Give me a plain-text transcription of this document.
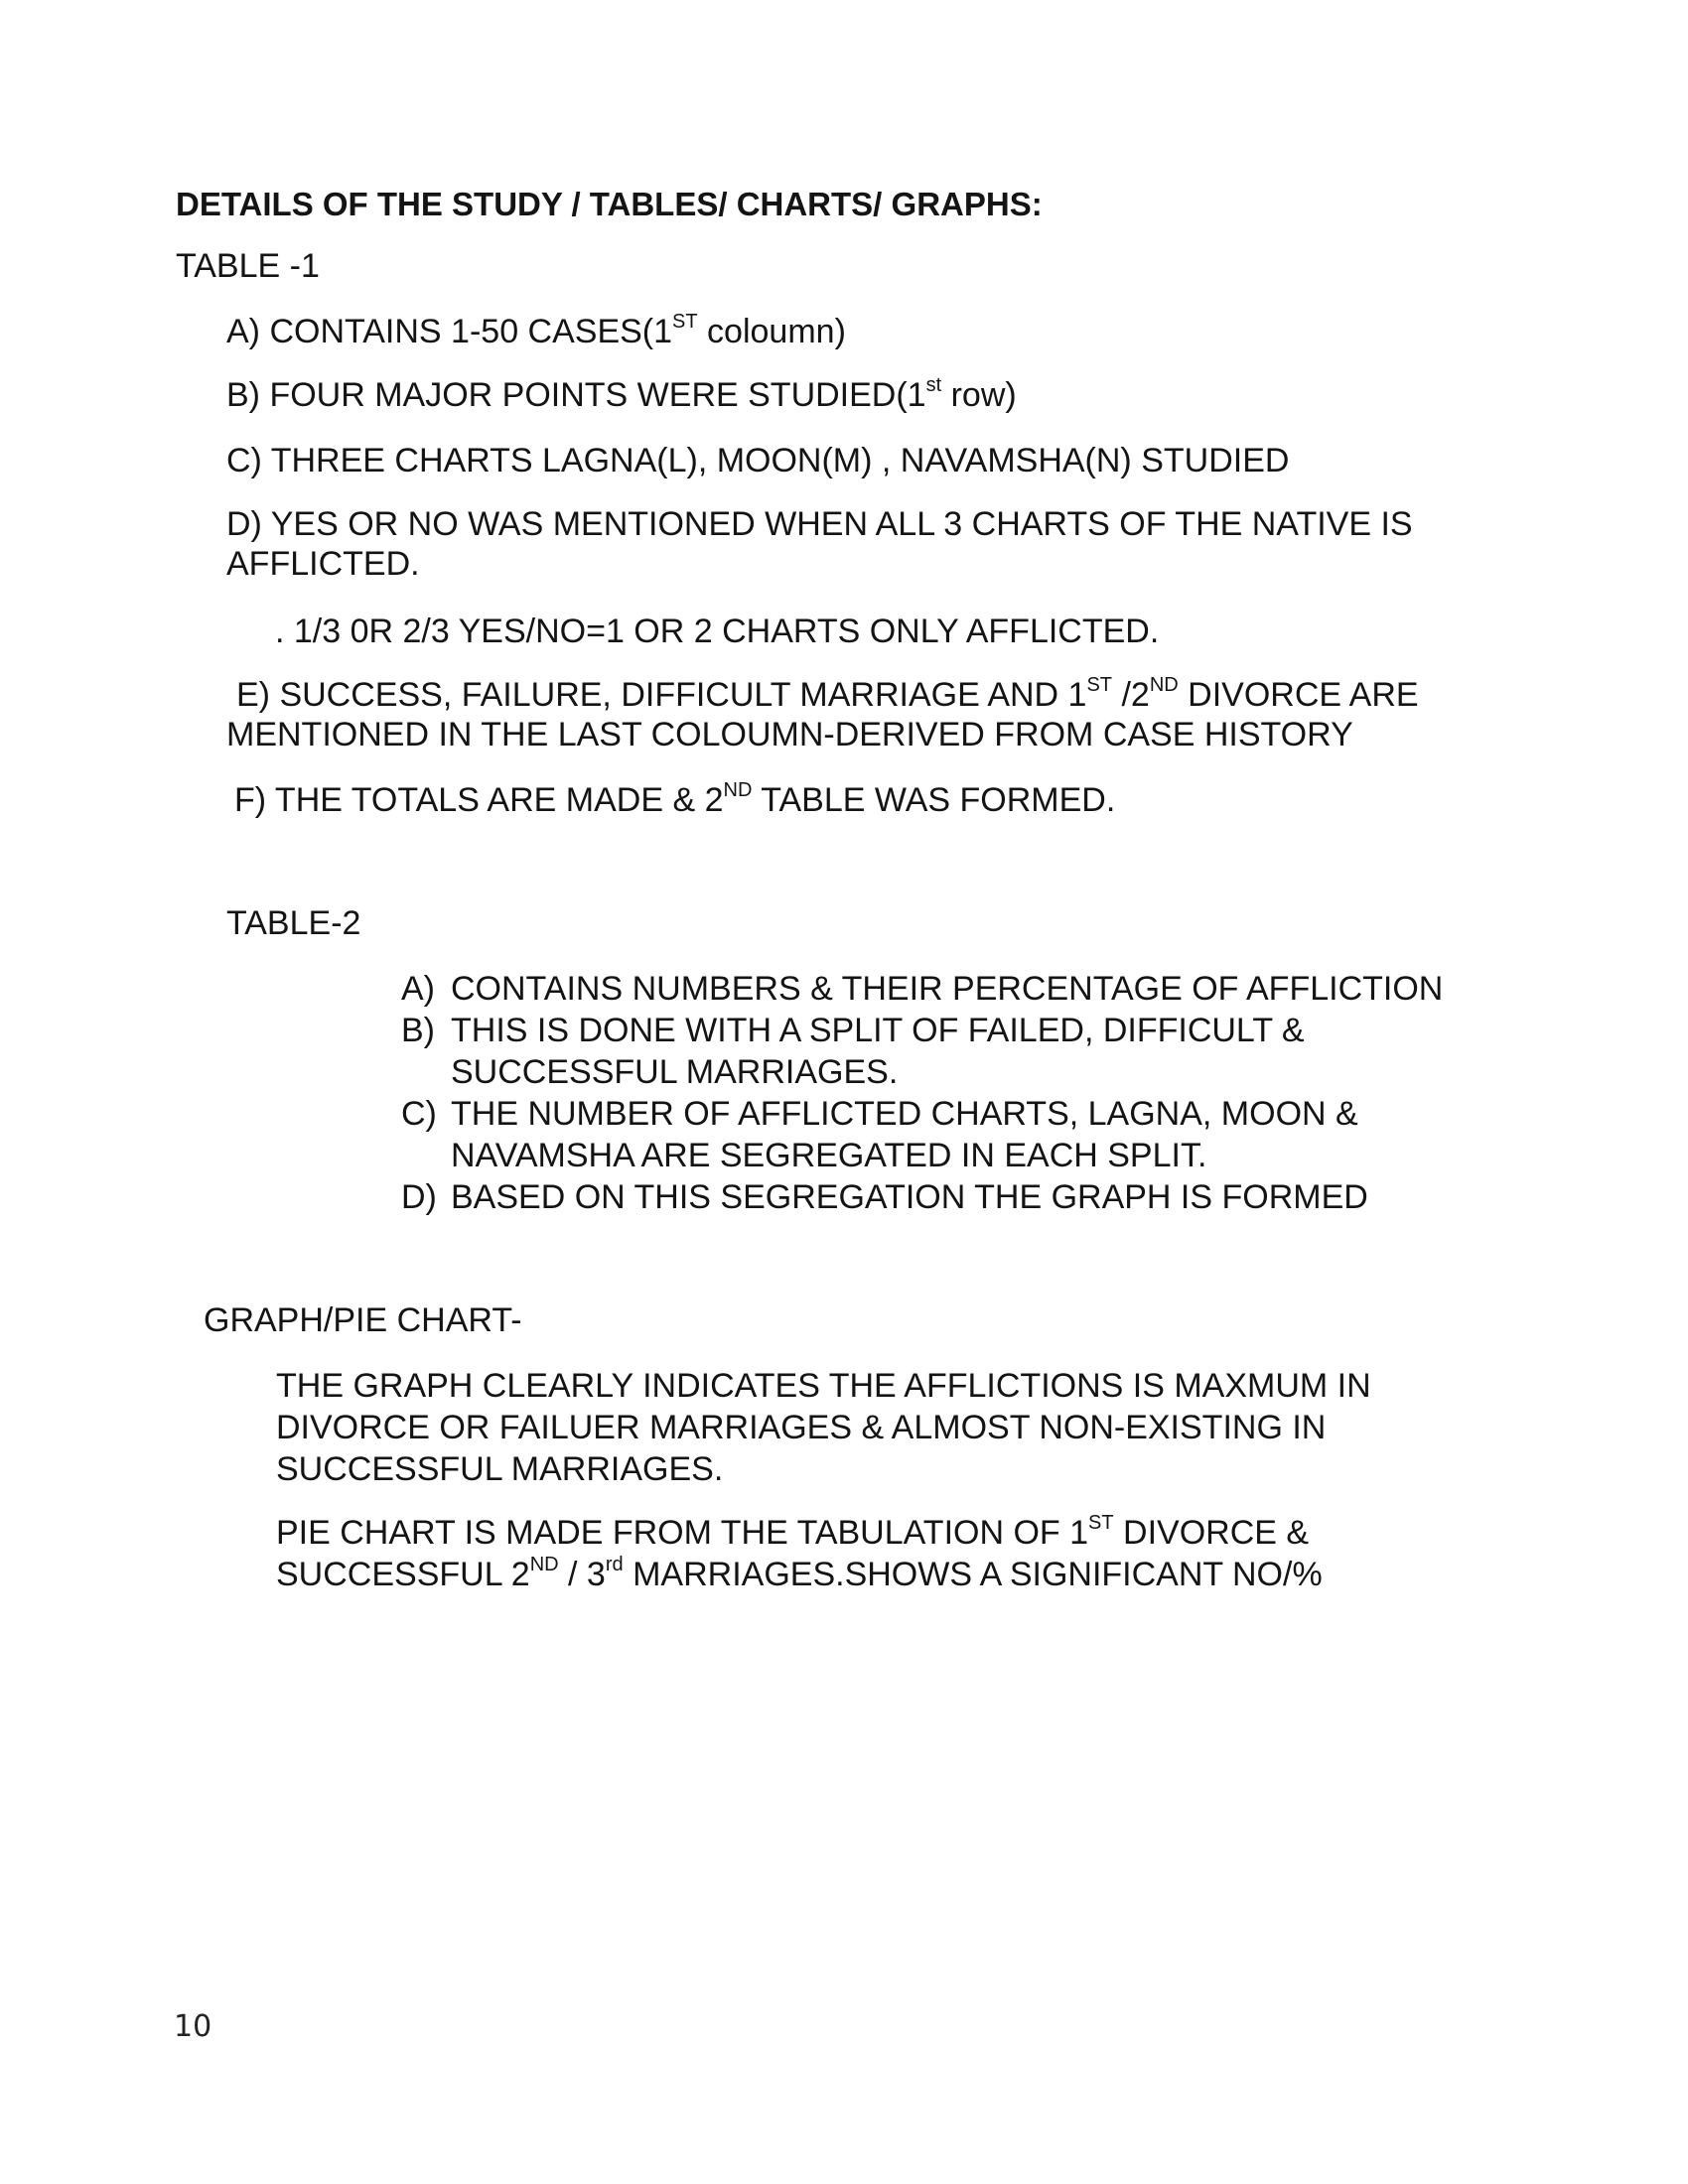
DETAILS OF THE STUDY / TABLES/ CHARTS/ GRAPHS:
TABLE -1
A) CONTAINS 1-50 CASES(1ST coloumn)
B) FOUR MAJOR POINTS WERE STUDIED(1st row)
C) THREE CHARTS LAGNA(L), MOON(M) , NAVAMSHA(N) STUDIED
D) YES OR NO WAS MENTIONED WHEN ALL 3 CHARTS OF THE NATIVE IS
AFFLICTED.
. 1/3 0R 2/3 YES/NO=1 OR 2 CHARTS ONLY AFFLICTED.
E) SUCCESS, FAILURE, DIFFICULT MARRIAGE AND 1ST /2ND DIVORCE ARE
MENTIONED IN THE LAST COLOUMN-DERIVED FROM CASE HISTORY
F) THE TOTALS ARE MADE & 2ND TABLE WAS FORMED.
TABLE-2
A) CONTAINS NUMBERS & THEIR PERCENTAGE OF AFFLICTION
B) THIS IS DONE WITH A SPLIT OF FAILED, DIFFICULT &
SUCCESSFUL MARRIAGES.
C) THE NUMBER OF AFFLICTED CHARTS, LAGNA, MOON &
NAVAMSHA ARE SEGREGATED IN EACH SPLIT.
D) BASED ON THIS SEGREGATION THE GRAPH IS FORMED
GRAPH/PIE CHART-
THE GRAPH CLEARLY INDICATES THE AFFLICTIONS IS MAXMUM IN
DIVORCE OR FAILUER MARRIAGES & ALMOST NON-EXISTING IN
SUCCESSFUL MARRIAGES.
PIE CHART IS MADE FROM THE TABULATION OF 1ST DIVORCE &
SUCCESSFUL 2ND / 3rd MARRIAGES.SHOWS A SIGNIFICANT NO/%
10
